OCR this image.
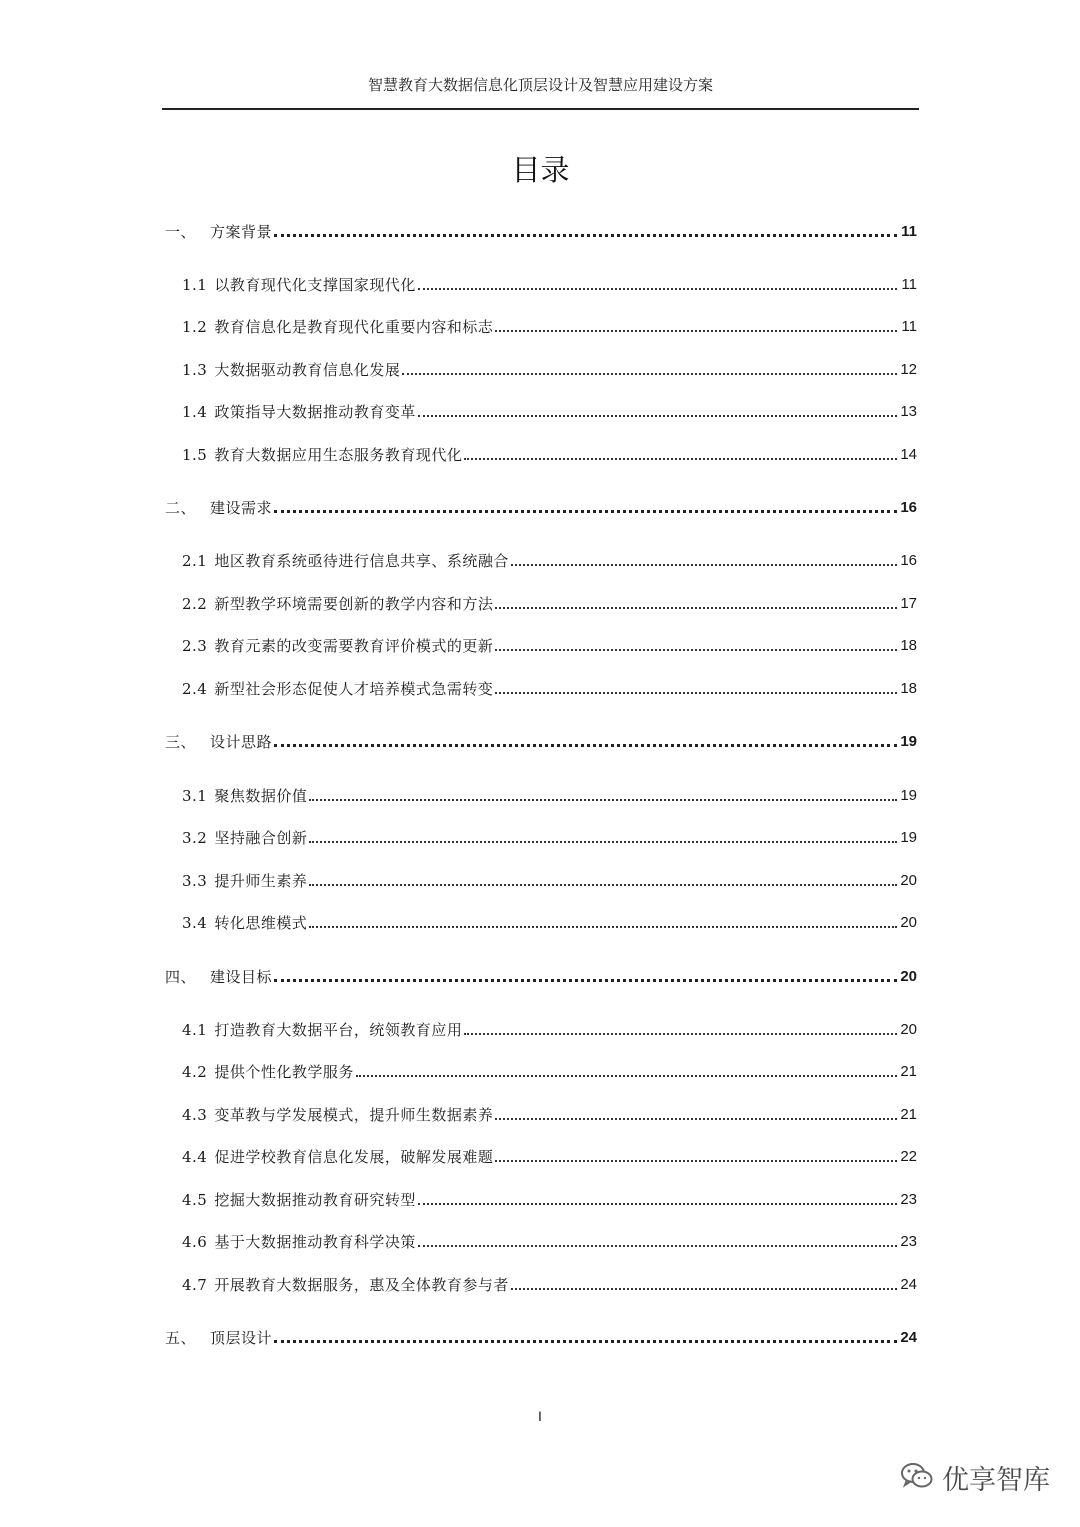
智慧教育大数据信息化顶层设计及智慧应用建设方案
目录
一、 方案背景	11
1.1 以教育现代化支撑国家现代化	11
1.2 教育信息化是教育现代化重要内容和标志	11
1.3 大数据驱动教育信息化发展	12
1.4 政策指导大数据推动教育变革	13
1.5 教育大数据应用生态服务教育现代化	14
二、 建设需求	16
2.1 地区教育系统亟待进行信息共享、系统融合	16
2.2 新型教学环境需要创新的教学内容和方法	17
2.3 教育元素的改变需要教育评价模式的更新	18
2.4 新型社会形态促使人才培养模式急需转变	18
三、 设计思路	19
3.1 聚焦数据价值	19
3.2 坚持融合创新	19
3.3 提升师生素养	20
3.4 转化思维模式	20
四、 建设目标	20
4.1 打造教育大数据平台，统领教育应用	20
4.2 提供个性化教学服务	21
4.3 变革教与学发展模式，提升师生数据素养	21
4.4 促进学校教育信息化发展，破解发展难题	22
4.5 挖掘大数据推动教育研究转型	23
4.6 基于大数据推动教育科学决策	23
4.7 开展教育大数据服务，惠及全体教育参与者	24
五、 顶层设计	24
I
优享智库
